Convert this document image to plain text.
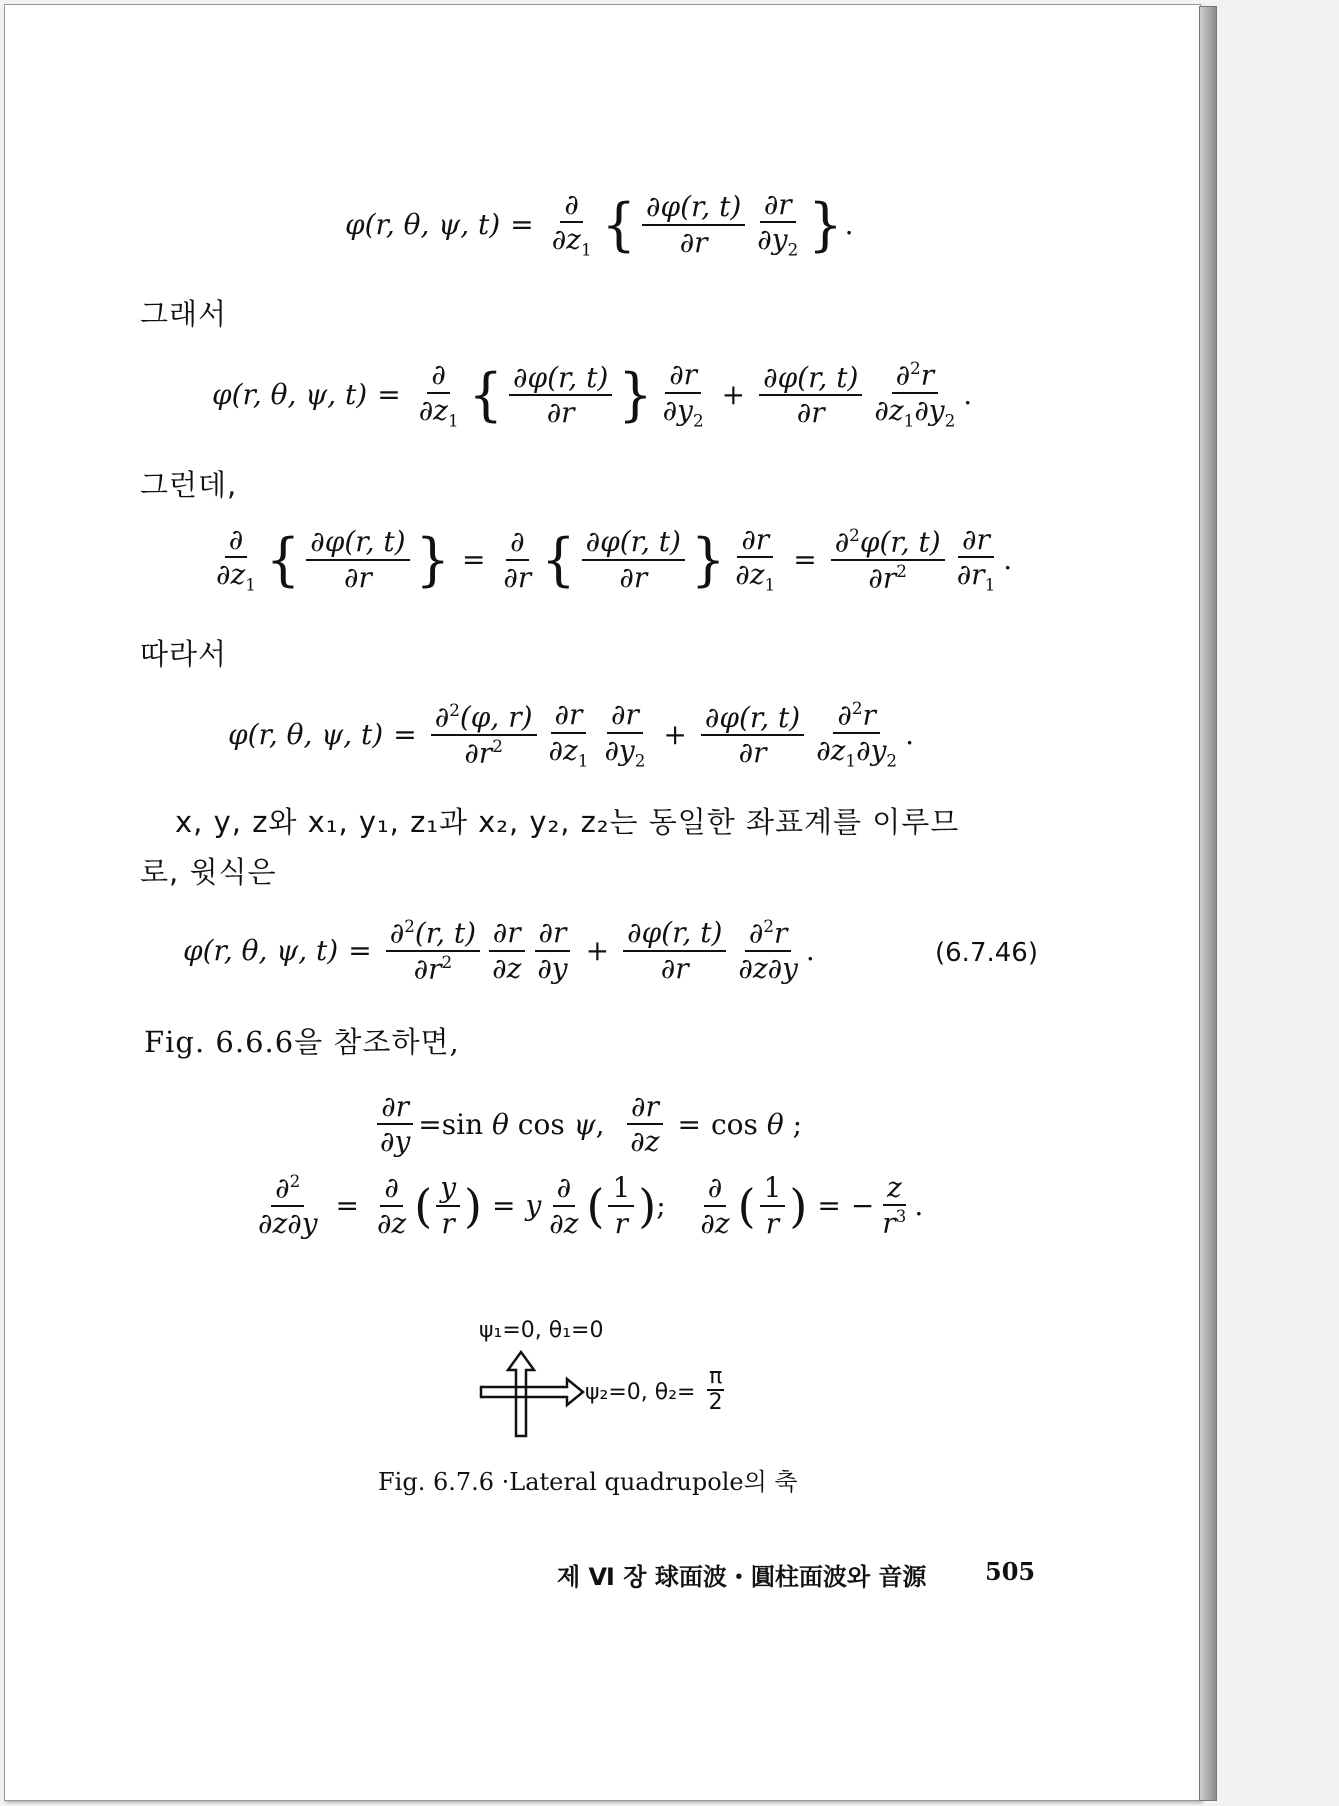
φ(r, θ, ψ, $t) = \frac{\partial}{\partial z_1}$ { $\frac{\partial\varphi(r, t)}{\partial r} \frac{\partial r}{\partial y_2}$ } .
그래서
φ(r, θ, ψ, $t) = \frac{\partial}{\partial z_1}$ { $\frac{\partial\varphi(r, t)}{\partial r}$ } $\frac{\partial r}{\partial y_2} + \frac{\partial\varphi(r, t)}{\partial r} \frac{\partial^2r}{\partial z_1\partial y_2}$ .
그런데,
$\frac{\partial}{\partial z_1}$ { $\frac{\partial\varphi(r, t)}{\partial r}$ } = $\frac{\partial}{\partial r}$ { $\frac{\partial\varphi(r, t)}{\partial r}$ } $\frac{\partial r}{\partial z_1} = \frac{\partial^2\varphi(r, t)}{\partial r^2} \frac{\partial r}{\partial r_1}$ .
따라서
φ(r, θ, ψ, $t) = \frac{\partial^2(\varphi, r)}{\partial r^2} \frac{\partial r}{\partial z_1} \frac{\partial r}{\partial y_2} + \frac{\partial\varphi(r, t)}{\partial r} \frac{\partial^2r}{\partial z_1\partial y_2}$ .
x, y, z와 x₁, y₁, z₁과 x₂, y₂, z₂는 동일한 좌표계를 이루므
로, 윗식은
φ(r, θ, ψ, $t) = \frac{\partial^2(r, t)}{\partial r^2} \frac{\partial r}{\partial z} \frac{\partial r}{\partial y} + \frac{\partial\varphi(r, t)}{\partial r} \frac{\partial^2r}{\partial z\partial y}$ .	(6.7.46)
Fig. 6.6.6을 참조하면,
$\frac{\partial r}{\partial y} =\sin$ θ cos ψ ,
$\frac{\partial r}{\partial z} = \cos \theta$ ;
$\frac{\partial^2}{\partial z\partial y} = \frac{\partial}{\partial z}$ ( $\frac{y}{r}$ ) = y $\frac{\partial}{\partial z}$ ( $\frac{1}{r}$ ) ;
$\frac{\partial}{\partial z}$ ( $\frac{1}{r}$ ) = − $\frac{z}{r^3}$ .
ψ₁=0, θ₁=0
ψ₂=0, $\theta_2= \frac{\pi}{2}$
Fig. 6.7.6 ·Lateral quadrupole의 축
제 Ⅵ 장 球面波・圓柱面波와 音源 505
